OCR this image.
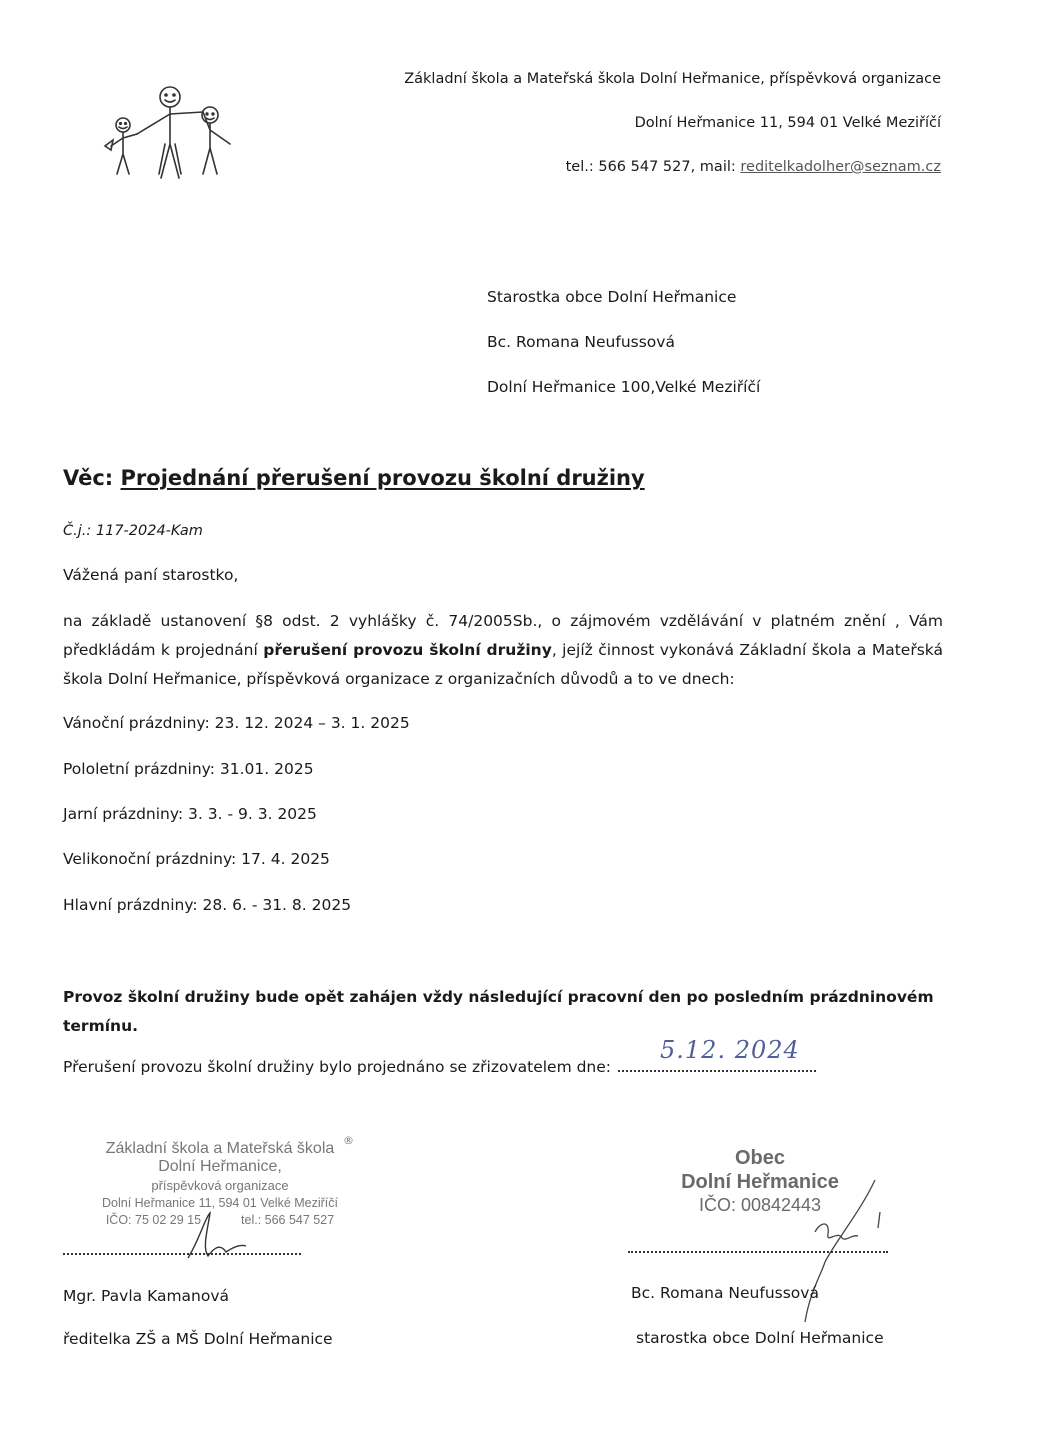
Základní škola a Mateřská škola Dolní Heřmanice, příspěvková organizace
Dolní Heřmanice 11, 594 01 Velké Meziříčí
tel.: 566 547 527, mail: reditelkadolher@seznam.cz
Starostka obce Dolní Heřmanice
Bc. Romana Neufussová
Dolní Heřmanice 100,Velké Meziříčí
Věc: Projednání přerušení provozu školní družiny
Č.j.: 117-2024-Kam
Vážená paní starostko,
na základě ustanovení §8 odst. 2 vyhlášky č. 74/2005Sb., o zájmovém vzdělávání v platném znění , Vám předkládám k projednání přerušení provozu školní družiny, jejíž činnost vykonává Základní škola a Mateřská škola Dolní Heřmanice, příspěvková organizace z organizačních důvodů a to ve dnech:
Vánoční prázdniny: 23. 12. 2024 – 3. 1. 2025
Pololetní prázdniny: 31.01. 2025
Jarní prázdniny: 3. 3. - 9. 3. 2025
Velikonoční prázdniny: 17. 4. 2025
Hlavní prázdniny: 28. 6. - 31. 8. 2025
Provoz školní družiny bude opět zahájen vždy následující pracovní den po posledním prázdninovém termínu.
Přerušení provozu školní družiny bylo projednáno se zřizovatelem dne:
5.12. 2024
Základní škola a Mateřská škola
Dolní Heřmanice,
příspěvková organizace
Dolní Heřmanice 11, 594 01 Velké Meziříčí
IČO: 75 02 29 15	tel.: 566 547 527
®
Obec
Dolní Heřmanice
IČO: 00842443
Mgr. Pavla Kamanová
ředitelka ZŠ a MŠ Dolní Heřmanice
Bc. Romana Neufussová
starostka obce Dolní Heřmanice
